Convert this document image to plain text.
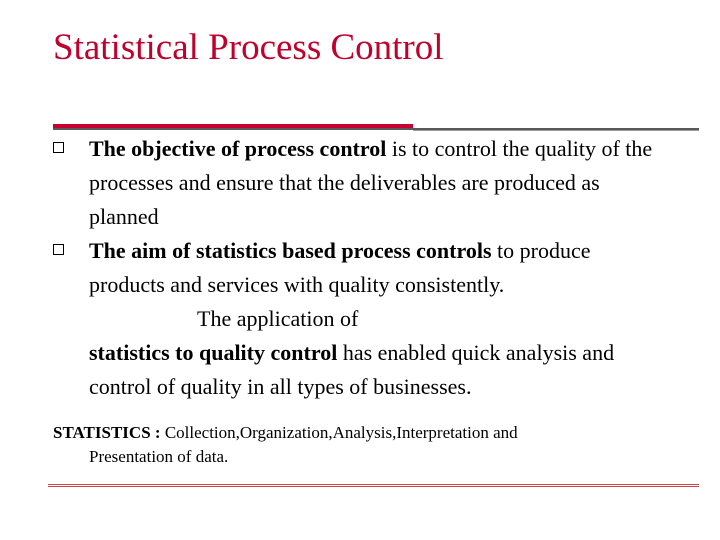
Statistical Process Control
The objective of process control is to control the quality of the processes and ensure that the deliverables are produced as planned
The aim of statistics based process controls to produce products and services with quality consistently.
The application of
statistics to quality control has enabled quick analysis and control of quality in all types of businesses.
STATISTICS : Collection,Organization,Analysis,Interpretation and
Presentation of data.
